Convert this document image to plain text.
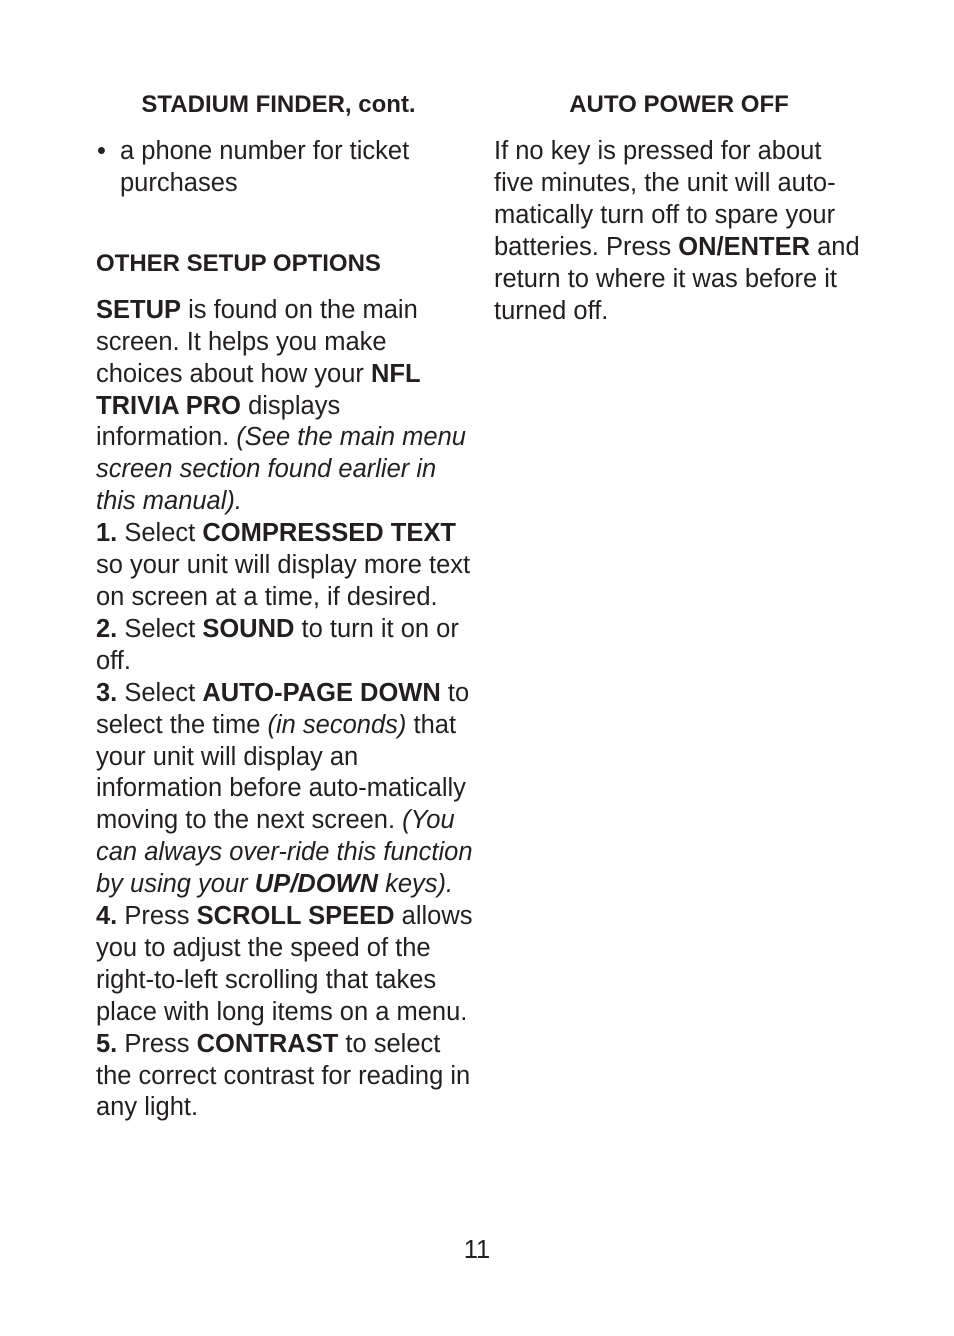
STADIUM FINDER, cont.
• a phone number for ticket purchases
OTHER SETUP OPTIONS
SETUP is found on the main screen. It helps you make choices about how your NFL TRIVIA PRO displays information. (See the main menu screen section found earlier in this manual).

1. Select COMPRESSED TEXT so your unit will display more text on screen at a time, if desired.

2. Select SOUND to turn it on or off.

3. Select AUTO-PAGE DOWN to select the time (in seconds) that your unit will display an information before auto-matically moving to the next screen. (You can always over-ride this function by using your UP/DOWN keys).

4. Press SCROLL SPEED allows you to adjust the speed of the right-to-left scrolling that takes place with long items on a menu.

5. Press CONTRAST to select the correct contrast for reading in any light.

AUTO POWER OFF
If no key is pressed for about five minutes, the unit will auto-matically turn off to spare your batteries. Press ON/ENTER and return to where it was before it turned off.
11
